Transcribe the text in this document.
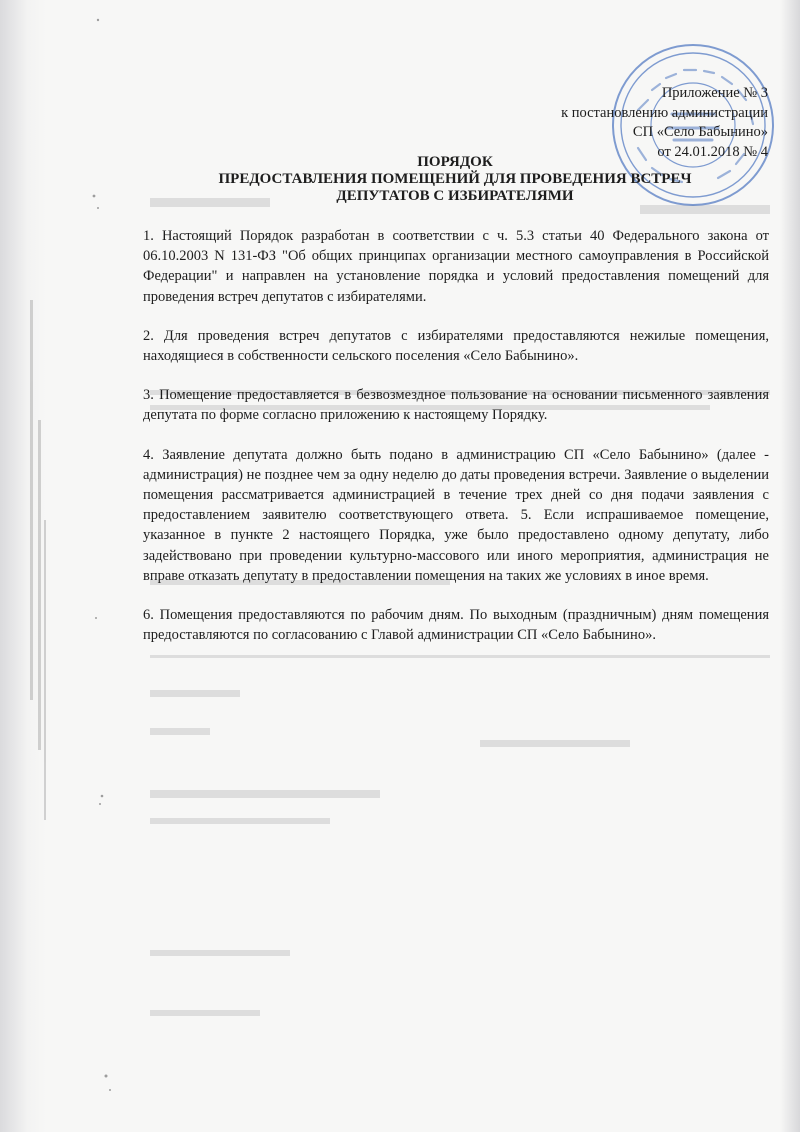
Приложение № 3
к постановлению администрации
СП «Село Бабынино»
от 24.01.2018 № 4
ПОРЯДОК
ПРЕДОСТАВЛЕНИЯ ПОМЕЩЕНИЙ ДЛЯ ПРОВЕДЕНИЯ ВСТРЕЧ
ДЕПУТАТОВ С ИЗБИРАТЕЛЯМИ

1. Настоящий Порядок разработан в соответствии с ч. 5.3 статьи 40 Федерального закона от 06.10.2003 N 131-ФЗ "Об общих принципах организации местного самоуправления в Российской Федерации" и направлен на установление порядка и условий предоставления помещений для проведения встреч депутатов с избирателями.

2. Для проведения встреч депутатов с избирателями предоставляются нежилые помещения, находящиеся в собственности сельского поселения «Село Бабынино».

3. Помещение предоставляется в безвозмездное пользование на основании письменного заявления депутата по форме согласно приложению к настоящему Порядку.

4. Заявление депутата должно быть подано в администрацию СП «Село Бабынино» (далее - администрация) не позднее чем за одну неделю до даты проведения встречи. Заявление о выделении помещения рассматривается администрацией в течение трех дней со дня подачи заявления с предоставлением заявителю соответствующего ответа. 5. Если испрашиваемое помещение, указанное в пункте 2 настоящего Порядка, уже было предоставлено одному депутату, либо задействовано при проведении культурно-массового или иного мероприятия, администрация не вправе отказать депутату в предоставлении помещения на таких же условиях в иное время.

6. Помещения предоставляются по рабочим дням. По выходным (праздничным) дням помещения предоставляются по согласованию с Главой администрации СП «Село Бабынино».
